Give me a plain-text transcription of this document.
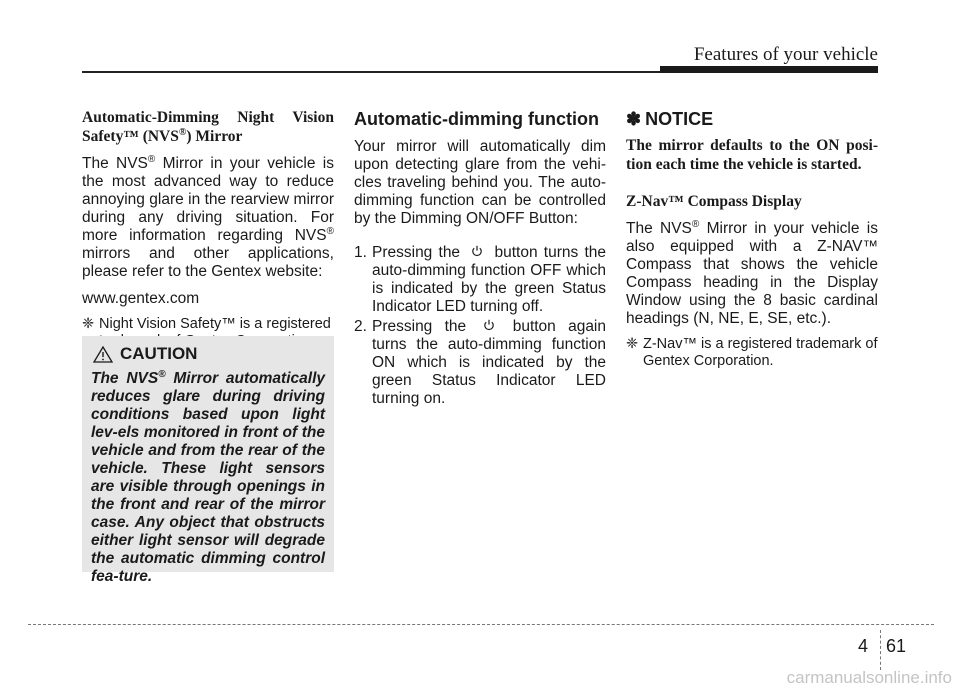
Features of your vehicle

Automatic-Dimming Night Vision Safety™ (NVS®) Mirror

The NVS® Mirror in your vehicle is the most advanced way to reduce annoying glare in the rearview mirror during any driving situation. For more information regarding NVS® mirrors and other applications, please refer to the Gentex website:

www.gentex.com

❈ Night Vision Safety™ is a registered
CAUTION

The NVS® Mirror automatically reduces glare during driving conditions based upon light lev-els monitored in front of the vehicle and from the rear of the vehicle. These light sensors are visible through openings in the front and rear of the mirror case. Any object that obstructs either light sensor will degrade the automatic dimming control fea-ture.

Automatic-dimming function

Your mirror will automatically dim upon detecting glare from the vehi-cles traveling behind you. The auto-dimming function can be controlled by the Dimming ON/OFF Button:

1. Pressing the button turns the auto-dimming function OFF which is indicated by the green Status Indicator LED turning off.
2. Pressing the	button again turns the auto-dimming function ON which is indicated by the green Status Indicator LED turning on.
✽ NOTICE

The mirror defaults to the ON posi-tion each time the vehicle is started.

Z-Nav™ Compass Display

The NVS® Mirror in your vehicle is also equipped with a Z-NAV™ Compass that shows the vehicle Compass heading in the Display Window using the 8 basic cardinal headings (N, NE, E, SE, etc.).

❈ Z-Nav™ is a registered trademark of Gentex Corporation.
4 61
carmanualsonline.info
